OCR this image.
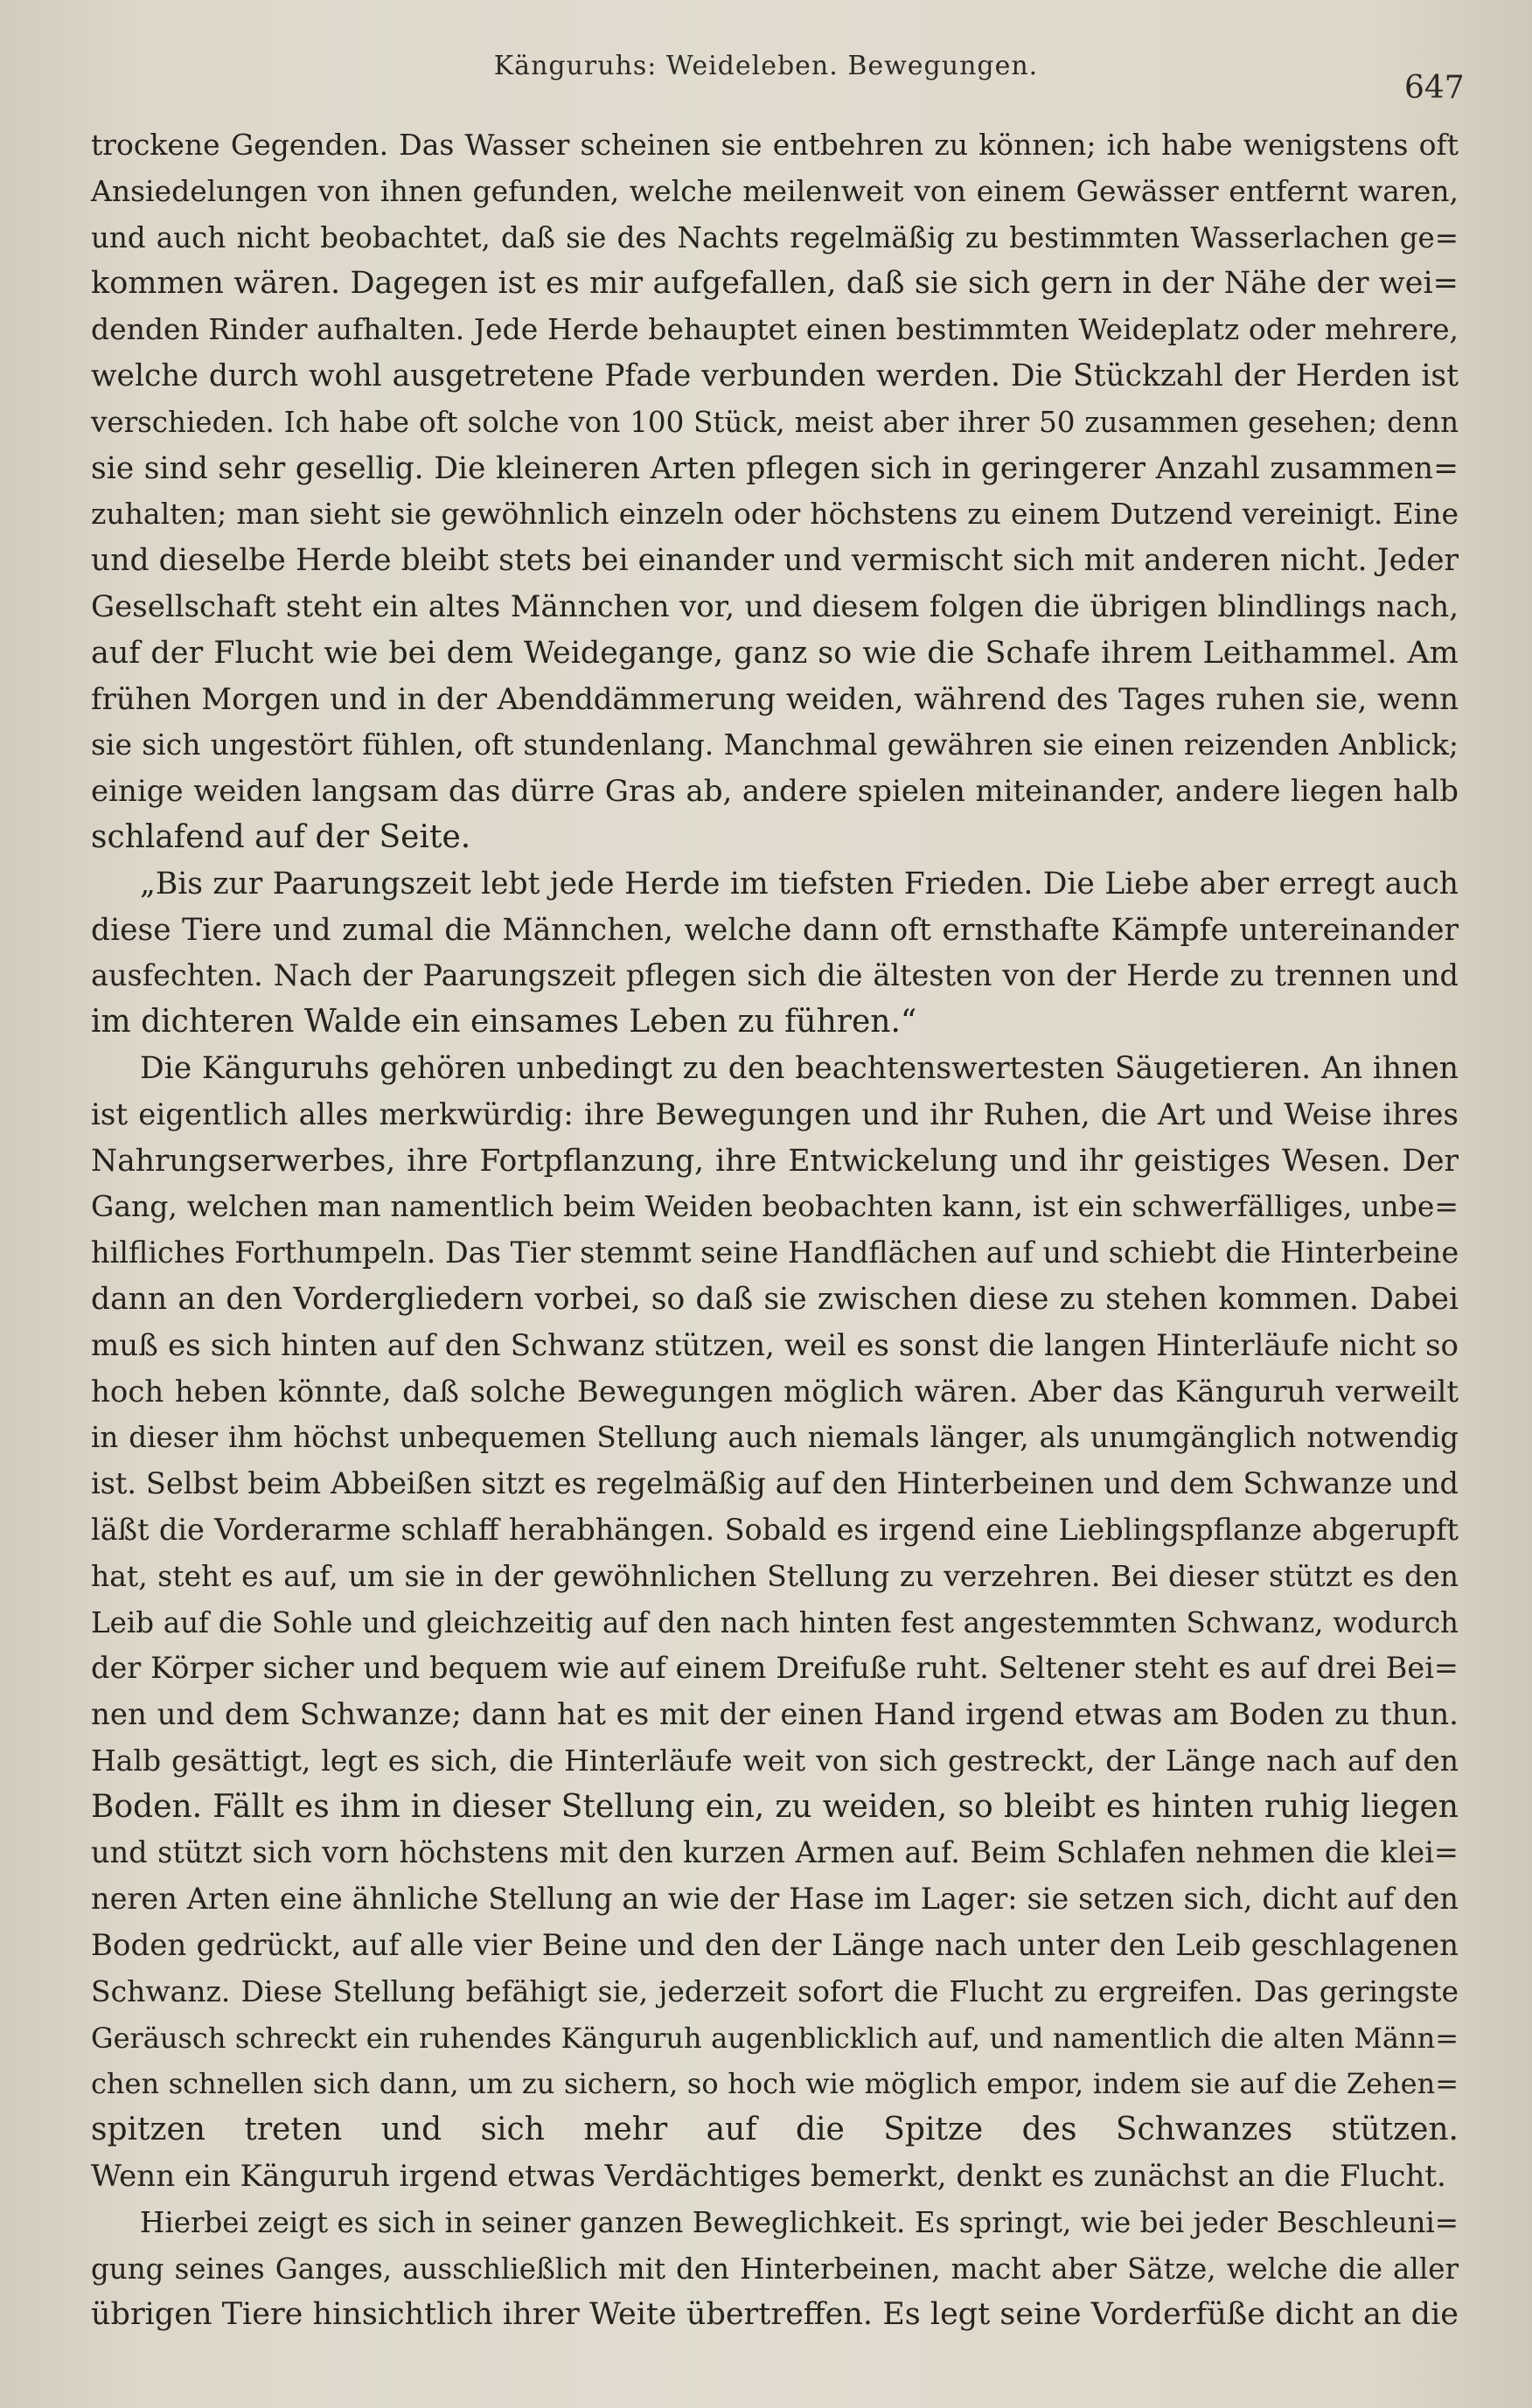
Känguruhs: Weideleben. Bewegungen.
647
trockene Gegenden. Das Wasser scheinen sie entbehren zu können; ich habe wenigstens oft
Ansiedelungen von ihnen gefunden, welche meilenweit von einem Gewässer entfernt waren,
und auch nicht beobachtet, daß sie des Nachts regelmäßig zu bestimmten Wasserlachen ge=
kommen wären. Dagegen ist es mir aufgefallen, daß sie sich gern in der Nähe der wei=
denden Rinder aufhalten. Jede Herde behauptet einen bestimmten Weideplatz oder mehrere,
welche durch wohl ausgetretene Pfade verbunden werden. Die Stückzahl der Herden ist
verschieden. Ich habe oft solche von 100 Stück, meist aber ihrer 50 zusammen gesehen; denn
sie sind sehr gesellig. Die kleineren Arten pflegen sich in geringerer Anzahl zusammen=
zuhalten; man sieht sie gewöhnlich einzeln oder höchstens zu einem Dutzend vereinigt. Eine
und dieselbe Herde bleibt stets bei einander und vermischt sich mit anderen nicht. Jeder
Gesellschaft steht ein altes Männchen vor, und diesem folgen die übrigen blindlings nach,
auf der Flucht wie bei dem Weidegange, ganz so wie die Schafe ihrem Leithammel. Am
frühen Morgen und in der Abenddämmerung weiden, während des Tages ruhen sie, wenn
sie sich ungestört fühlen, oft stundenlang. Manchmal gewähren sie einen reizenden Anblick;
einige weiden langsam das dürre Gras ab, andere spielen miteinander, andere liegen halb
schlafend auf der Seite.
„Bis zur Paarungszeit lebt jede Herde im tiefsten Frieden. Die Liebe aber erregt auch
diese Tiere und zumal die Männchen, welche dann oft ernsthafte Kämpfe untereinander
ausfechten. Nach der Paarungszeit pflegen sich die ältesten von der Herde zu trennen und
im dichteren Walde ein einsames Leben zu führen.“
Die Känguruhs gehören unbedingt zu den beachtenswertesten Säugetieren. An ihnen
ist eigentlich alles merkwürdig: ihre Bewegungen und ihr Ruhen, die Art und Weise ihres
Nahrungserwerbes, ihre Fortpflanzung, ihre Entwickelung und ihr geistiges Wesen. Der
Gang, welchen man namentlich beim Weiden beobachten kann, ist ein schwerfälliges, unbe=
hilfliches Forthumpeln. Das Tier stemmt seine Handflächen auf und schiebt die Hinterbeine
dann an den Vordergliedern vorbei, so daß sie zwischen diese zu stehen kommen. Dabei
muß es sich hinten auf den Schwanz stützen, weil es sonst die langen Hinterläufe nicht so
hoch heben könnte, daß solche Bewegungen möglich wären. Aber das Känguruh verweilt
in dieser ihm höchst unbequemen Stellung auch niemals länger, als unumgänglich notwendig
ist. Selbst beim Abbeißen sitzt es regelmäßig auf den Hinterbeinen und dem Schwanze und
läßt die Vorderarme schlaff herabhängen. Sobald es irgend eine Lieblingspflanze abgerupft
hat, steht es auf, um sie in der gewöhnlichen Stellung zu verzehren. Bei dieser stützt es den
Leib auf die Sohle und gleichzeitig auf den nach hinten fest angestemmten Schwanz, wodurch
der Körper sicher und bequem wie auf einem Dreifuße ruht. Seltener steht es auf drei Bei=
nen und dem Schwanze; dann hat es mit der einen Hand irgend etwas am Boden zu thun.
Halb gesättigt, legt es sich, die Hinterläufe weit von sich gestreckt, der Länge nach auf den
Boden. Fällt es ihm in dieser Stellung ein, zu weiden, so bleibt es hinten ruhig liegen
und stützt sich vorn höchstens mit den kurzen Armen auf. Beim Schlafen nehmen die klei=
neren Arten eine ähnliche Stellung an wie der Hase im Lager: sie setzen sich, dicht auf den
Boden gedrückt, auf alle vier Beine und den der Länge nach unter den Leib geschlagenen
Schwanz. Diese Stellung befähigt sie, jederzeit sofort die Flucht zu ergreifen. Das geringste
Geräusch schreckt ein ruhendes Känguruh augenblicklich auf, und namentlich die alten Männ=
chen schnellen sich dann, um zu sichern, so hoch wie möglich empor, indem sie auf die Zehen=
spitzen treten und sich mehr auf die Spitze des Schwanzes stützen.
Wenn ein Känguruh irgend etwas Verdächtiges bemerkt, denkt es zunächst an die Flucht.
Hierbei zeigt es sich in seiner ganzen Beweglichkeit. Es springt, wie bei jeder Beschleuni=
gung seines Ganges, ausschließlich mit den Hinterbeinen, macht aber Sätze, welche die aller
übrigen Tiere hinsichtlich ihrer Weite übertreffen. Es legt seine Vorderfüße dicht an die
